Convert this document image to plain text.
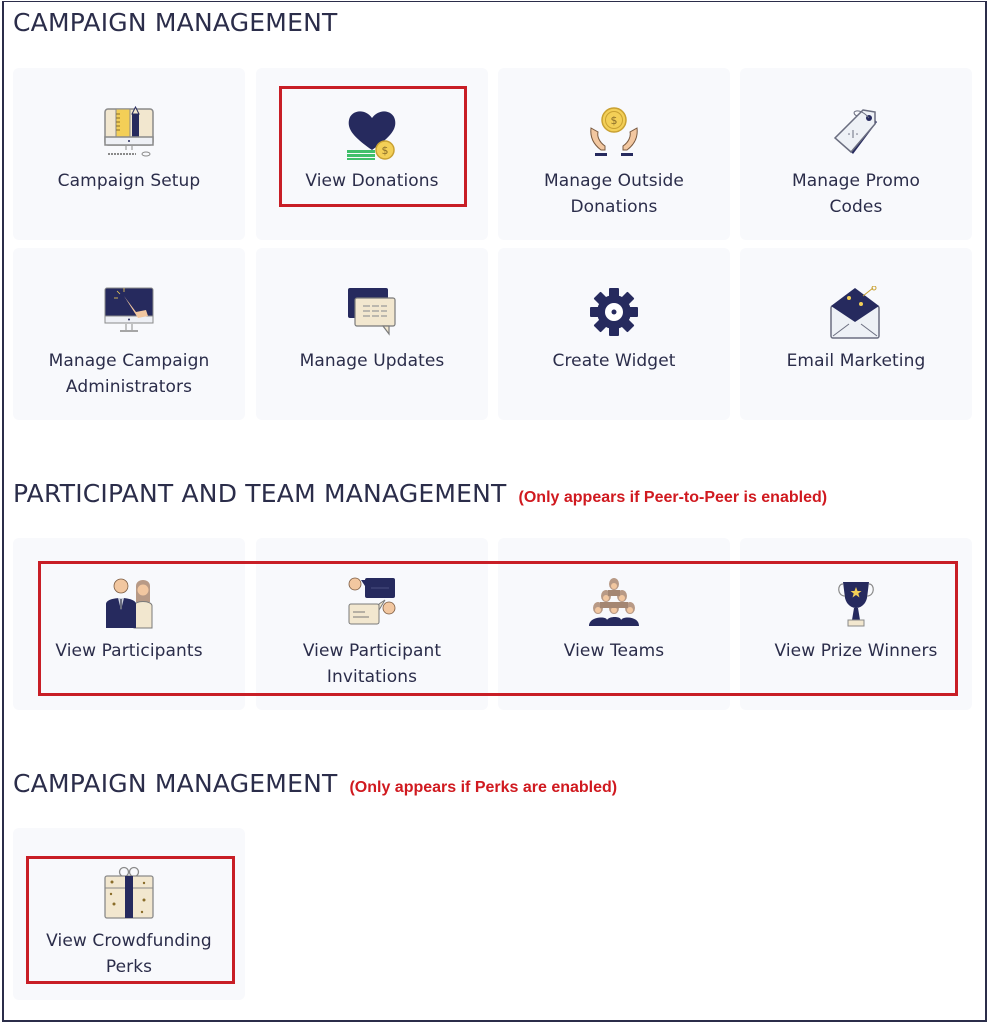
CAMPAIGN MANAGEMENT
Campaign Setup
$
View Donations
$
Manage Outside Donations
Manage Promo Codes
Manage Campaign Administrators
Manage Updates	Create Widget	Email Marketing
PARTICIPANT AND TEAM MANAGEMENT (Only appears if Peer-to-Peer is enabled)
View Participants	View Participant Invitations
View Teams	View Prize Winners
CAMPAIGN MANAGEMENT (Only appears if Perks are enabled)
View Crowdfunding Perks
